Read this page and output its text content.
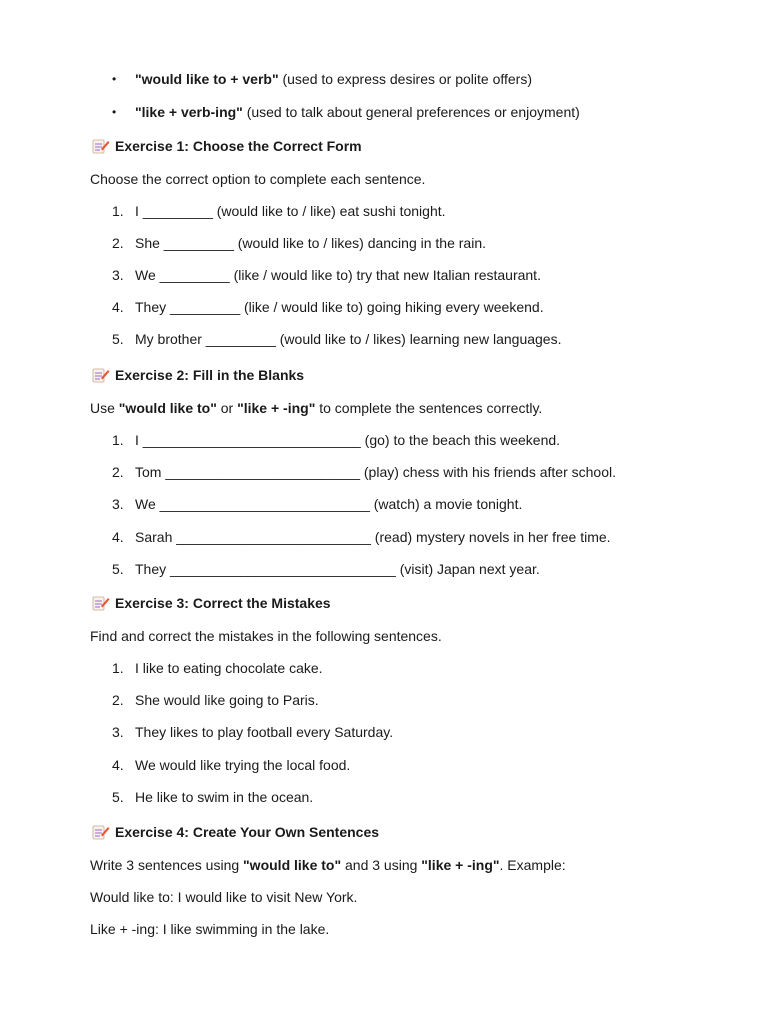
• "would like to + verb" (used to express desires or polite offers)
• "like + verb-ing" (used to talk about general preferences or enjoyment)
Exercise 1: Choose the Correct Form
Choose the correct option to complete each sentence.
1. I _________ (would like to / like) eat sushi tonight.
2. She _________ (would like to / likes) dancing in the rain.
3. We _________ (like / would like to) try that new Italian restaurant.
4. They _________ (like / would like to) going hiking every weekend.
5. My brother _________ (would like to / likes) learning new languages.
Exercise 2: Fill in the Blanks
Use "would like to" or "like + -ing" to complete the sentences correctly.
1. I ____________________________ (go) to the beach this weekend.
2. Tom _________________________ (play) chess with his friends after school.
3. We ___________________________ (watch) a movie tonight.
4. Sarah _________________________ (read) mystery novels in her free time.
5. They _____________________________ (visit) Japan next year.
Exercise 3: Correct the Mistakes
Find and correct the mistakes in the following sentences.
1. I like to eating chocolate cake.
2. She would like going to Paris.
3. They likes to play football every Saturday.
4. We would like trying the local food.
5. He like to swim in the ocean.
Exercise 4: Create Your Own Sentences
Write 3 sentences using "would like to" and 3 using "like + -ing". Example:
Would like to: I would like to visit New York.
Like + -ing: I like swimming in the lake.
